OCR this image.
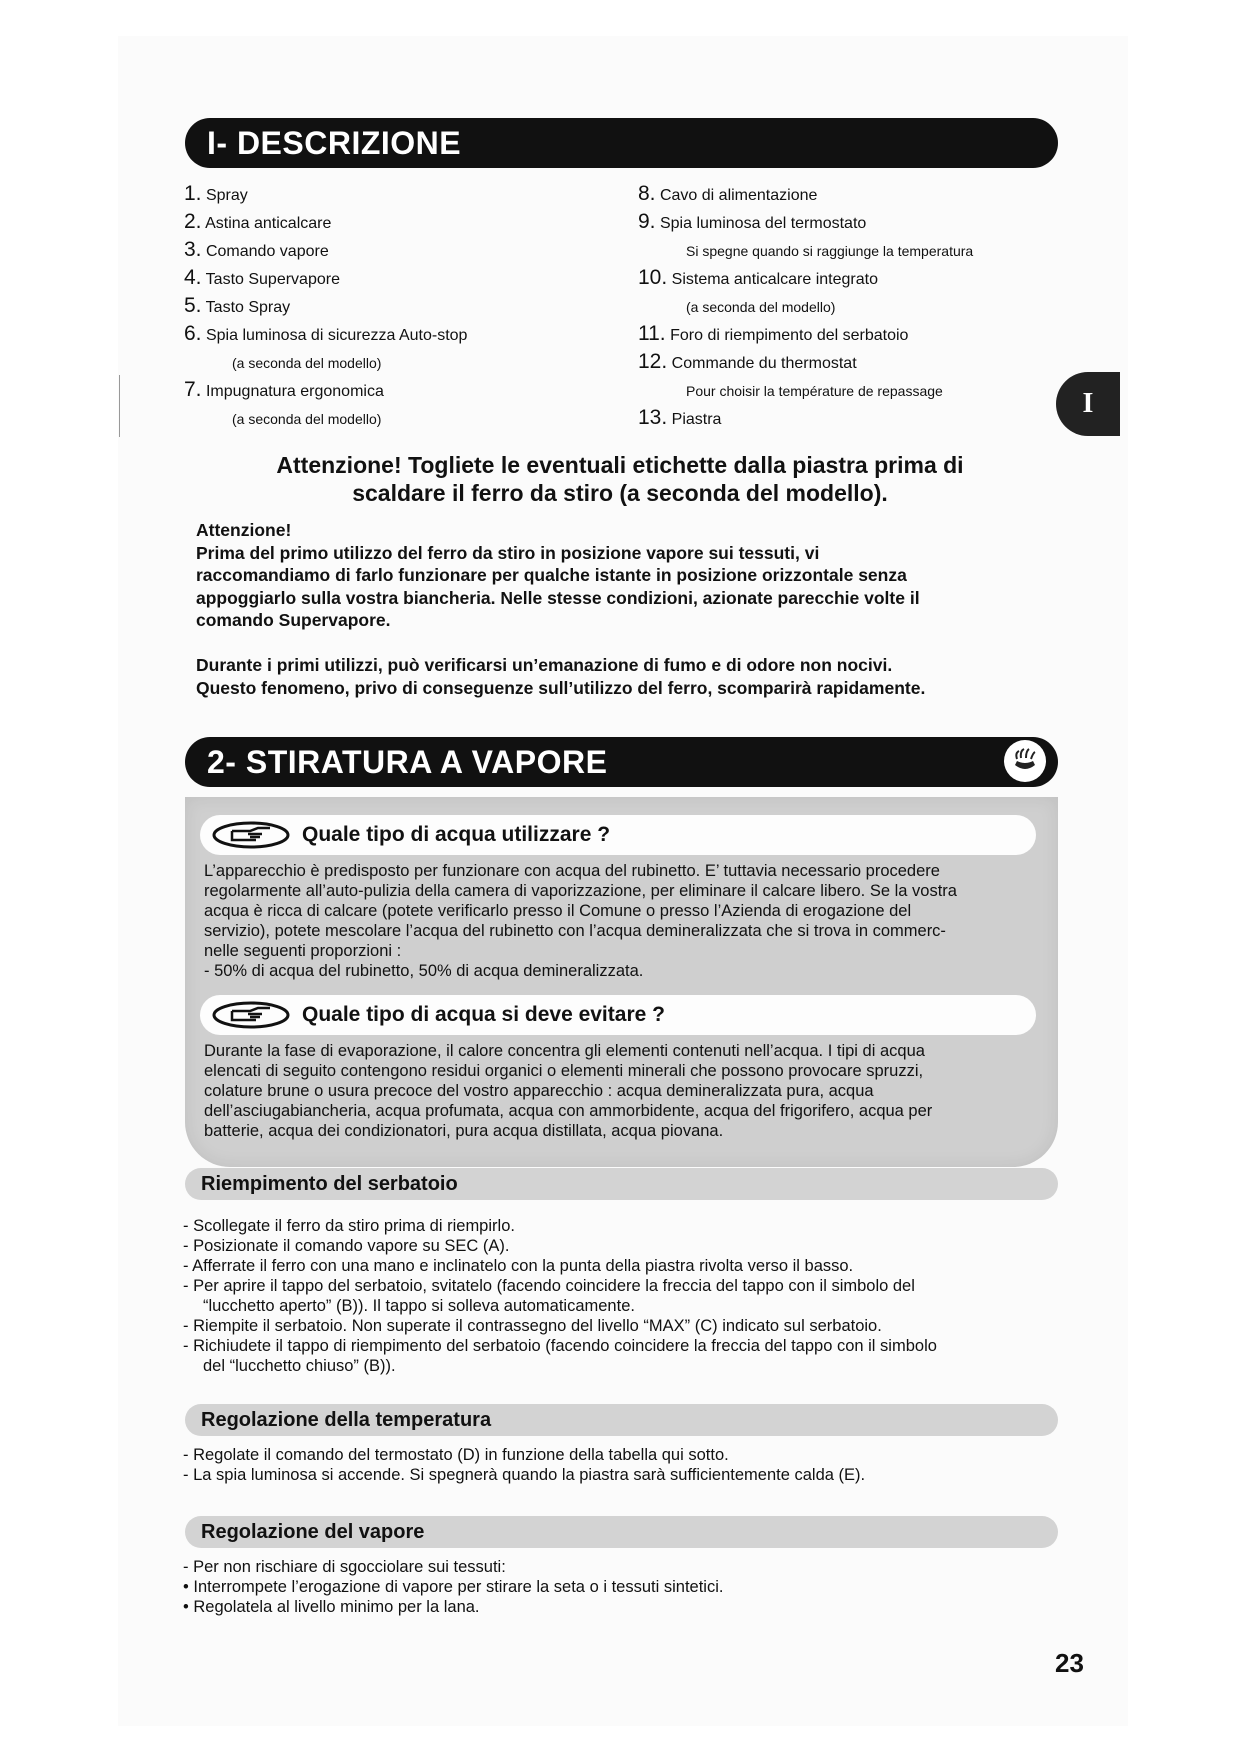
I- DESCRIZIONE
1. Spray
2. Astina anticalcare
3. Comando vapore
4. Tasto Supervapore
5. Tasto Spray
6. Spia luminosa di sicurezza Auto-stop
(a seconda del modello)
7. Impugnatura ergonomica
(a seconda del modello)
8. Cavo di alimentazione
9. Spia luminosa del termostato
Si spegne quando si raggiunge la temperatura
10. Sistema anticalcare integrato
(a seconda del modello)
11. Foro di riempimento del serbatoio
12. Commande du thermostat
Pour choisir la température de repassage
13. Piastra
I
Attenzione! Togliete le eventuali etichette dalla piastra prima di
scaldare il ferro da stiro (a seconda del modello).
Attenzione!
Prima del primo utilizzo del ferro da stiro in posizione vapore sui tessuti, vi
raccomandiamo di farlo funzionare per qualche istante in posizione orizzontale senza
appoggiarlo sulla vostra biancheria. Nelle stesse condizioni, azionate parecchie volte il
comando Supervapore.
Durante i primi utilizzi, può verificarsi un’emanazione di fumo e di odore non nocivi.
Questo fenomeno, privo di conseguenze sull’utilizzo del ferro, scomparirà rapidamente.
2- STIRATURA A VAPORE
Quale tipo di acqua utilizzare ?
L’apparecchio è predisposto per funzionare con acqua del rubinetto. E’ tuttavia necessario procedere
regolarmente all’auto-pulizia della camera di vaporizzazione, per eliminare il calcare libero. Se la vostra
acqua è ricca di calcare (potete verificarlo presso il Comune o presso l’Azienda di erogazione del
servizio), potete mescolare l’acqua del rubinetto con l’acqua demineralizzata che si trova in commerc-
nelle seguenti proporzioni :
- 50% di acqua del rubinetto, 50% di acqua demineralizzata.
Quale tipo di acqua si deve evitare ?
Durante la fase di evaporazione, il calore concentra gli elementi contenuti nell’acqua. I tipi di acqua
elencati di seguito contengono residui organici o elementi minerali che possono provocare spruzzi,
colature brune o usura precoce del vostro apparecchio : acqua demineralizzata pura, acqua
dell’asciugabiancheria, acqua profumata, acqua con ammorbidente, acqua del frigorifero, acqua per
batterie, acqua dei condizionatori, pura acqua distillata, acqua piovana.
Riempimento del serbatoio
- Scollegate il ferro da stiro prima di riempirlo.
- Posizionate il comando vapore su SEC (A).
- Afferrate il ferro con una mano e inclinatelo con la punta della piastra rivolta verso il basso.
- Per aprire il tappo del serbatoio, svitatelo (facendo coincidere la freccia del tappo con il simbolo del
“lucchetto aperto” (B)). Il tappo si solleva automaticamente.
- Riempite il serbatoio. Non superate il contrassegno del livello “MAX” (C) indicato sul serbatoio.
- Richiudete il tappo di riempimento del serbatoio (facendo coincidere la freccia del tappo con il simbolo
del “lucchetto chiuso” (B)).
Regolazione della temperatura
- Regolate il comando del termostato (D) in funzione della tabella qui sotto.
- La spia luminosa si accende. Si spegnerà quando la piastra sarà sufficientemente calda (E).
Regolazione del vapore
- Per non rischiare di sgocciolare sui tessuti:
• Interrompete l’erogazione di vapore per stirare la seta o i tessuti sintetici.
• Regolatela al livello minimo per la lana.
23
